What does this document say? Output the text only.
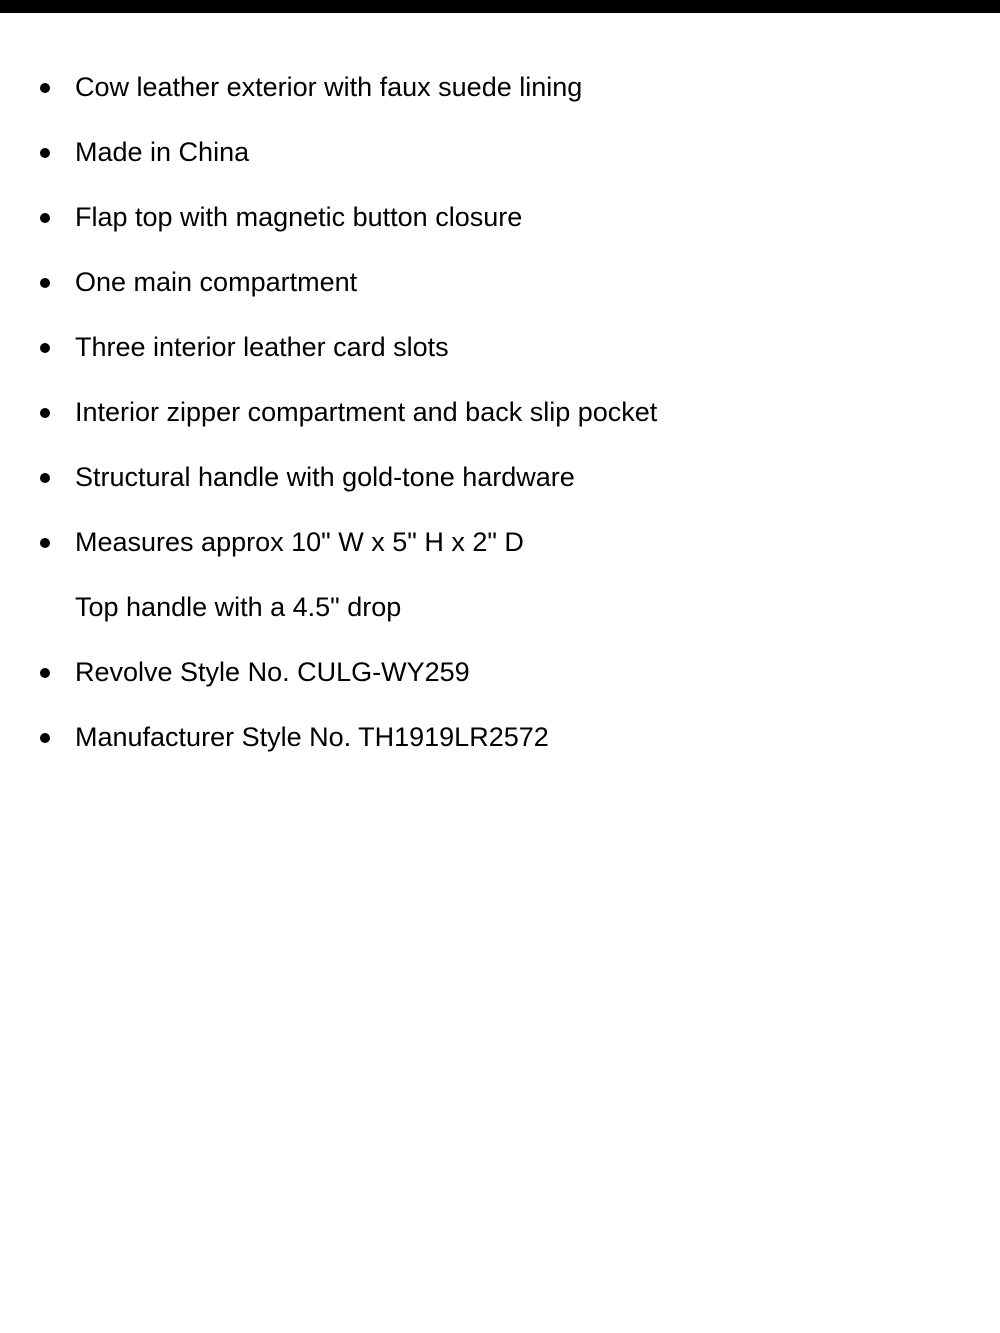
Cow leather exterior with faux suede lining
Made in China
Flap top with magnetic button closure
One main compartment
Three interior leather card slots
Interior zipper compartment and back slip pocket
Structural handle with gold-tone hardware
Measures approx 10" W x 5" H x 2" D
Top handle with a 4.5" drop
Revolve Style No. CULG-WY259
Manufacturer Style No. TH1919LR2572
